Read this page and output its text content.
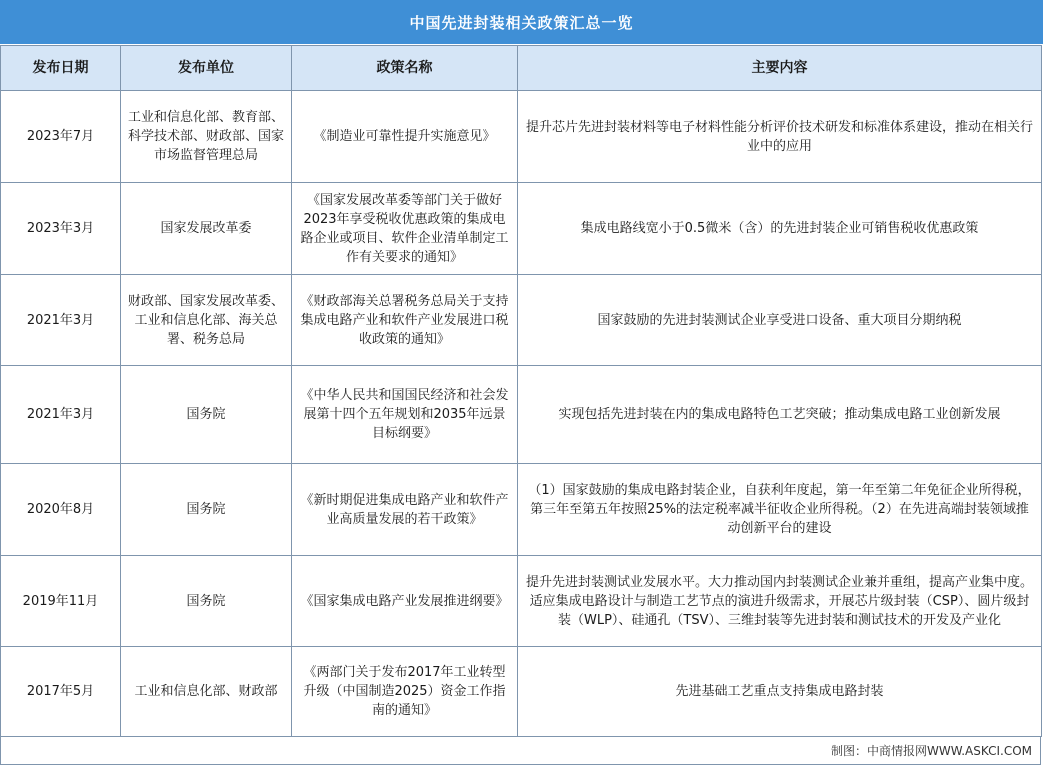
中国先进封装相关政策汇总一览
发布日期	发布单位	政策名称	主要内容
2023年7月	工业和信息化部、教育部、科学技术部、财政部、国家市场监督管理总局	《制造业可靠性提升实施意见》	提升芯片先进封装材料等电子材料性能分析评价技术研发和标准体系建设，推动在相关行业中的应用
2023年3月	国家发展改革委	《国家发展改革委等部门关于做好2023年享受税收优惠政策的集成电路企业或项目、软件企业清单制定工作有关要求的通知》	集成电路线宽小于0.5微米（含）的先进封装企业可销售税收优惠政策
2021年3月	财政部、国家发展改革委、工业和信息化部、海关总署、税务总局	《财政部海关总署税务总局关于支持集成电路产业和软件产业发展进口税收政策的通知》	国家鼓励的先进封装测试企业享受进口设备、重大项目分期纳税
2021年3月	国务院	《中华人民共和国国民经济和社会发展第十四个五年规划和2035年远景目标纲要》	实现包括先进封装在内的集成电路特色工艺突破；推动集成电路工业创新发展
2020年8月	国务院	《新时期促进集成电路产业和软件产业高质量发展的若干政策》	（1）国家鼓励的集成电路封装企业，自获利年度起，第一年至第二年免征企业所得税，第三年至第五年按照25%的法定税率减半征收企业所得税。（2）在先进高端封装领域推动创新平台的建设
2019年11月	国务院	《国家集成电路产业发展推进纲要》	提升先进封装测试业发展水平。大力推动国内封装测试企业兼并重组，提高产业集中度。适应集成电路设计与制造工艺节点的演进升级需求，开展芯片级封装（CSP）、圆片级封装（WLP）、硅通孔（TSV）、三维封装等先进封装和测试技术的开发及产业化
2017年5月	工业和信息化部、财政部	《两部门关于发布2017年工业转型升级（中国制造2025）资金工作指南的通知》	先进基础工艺重点支持集成电路封装
制图：中商情报网WWW.ASKCI.COM
